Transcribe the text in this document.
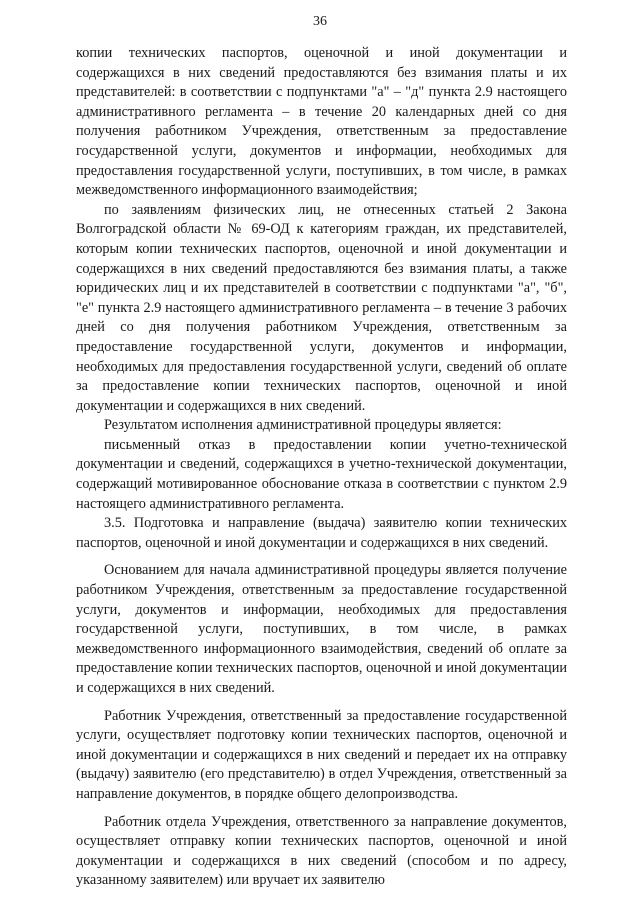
36

копии технических паспортов, оценочной и иной документации и содержащихся в них сведений предоставляются без взимания платы и их представителей: в соответствии с подпунктами "а" – "д" пункта 2.9 настоящего административного регламента – в течение 20 календарных дней со дня получения работником Учреждения, ответственным за предоставление государственной услуги, документов и информации, необходимых для предоставления государственной услуги, поступивших, в том числе, в рамках межведомственного информационного взаимодействия;

по заявлениям физических лиц, не отнесенных статьей 2 Закона Волгоградской области № 69-ОД к категориям граждан, их представителей, которым копии технических паспортов, оценочной и иной документации и содержащихся в них сведений предоставляются без взимания платы, а также юридических лиц и их представителей в соответствии с подпунктами "а", "б", "е" пункта 2.9 настоящего административного регламента – в течение 3 рабочих дней со дня получения работником Учреждения, ответственным за предоставление государственной услуги, документов и информации, необходимых для предоставления государственной услуги, сведений об оплате за предоставление копии технических паспортов, оценочной и иной документации и содержащихся в них сведений.

Результатом исполнения административной процедуры является:

письменный отказ в предоставлении копии учетно-технической документации и сведений, содержащихся в учетно-технической документации, содержащий мотивированное обоснование отказа в соответствии с пунктом 2.9 настоящего административного регламента.

3.5. Подготовка и направление (выдача) заявителю копии технических паспортов, оценочной и иной документации и содержащихся в них сведений.

Основанием для начала административной процедуры является получение работником Учреждения, ответственным за предоставление государственной услуги, документов и информации, необходимых для предоставления государственной услуги, поступивших, в том числе, в рамках межведомственного информационного взаимодействия, сведений об оплате за предоставление копии технических паспортов, оценочной и иной документации и содержащихся в них сведений.

Работник Учреждения, ответственный за предоставление государственной услуги, осуществляет подготовку копии технических паспортов, оценочной и иной документации и содержащихся в них сведений и передает их на отправку (выдачу) заявителю (его представителю) в отдел Учреждения, ответственный за направление документов, в порядке общего делопроизводства.

Работник отдела Учреждения, ответственного за направление документов, осуществляет отправку копии технических паспортов, оценочной и иной документации и содержащихся в них сведений (способом и по адресу, указанному заявителем) или вручает их заявителю
